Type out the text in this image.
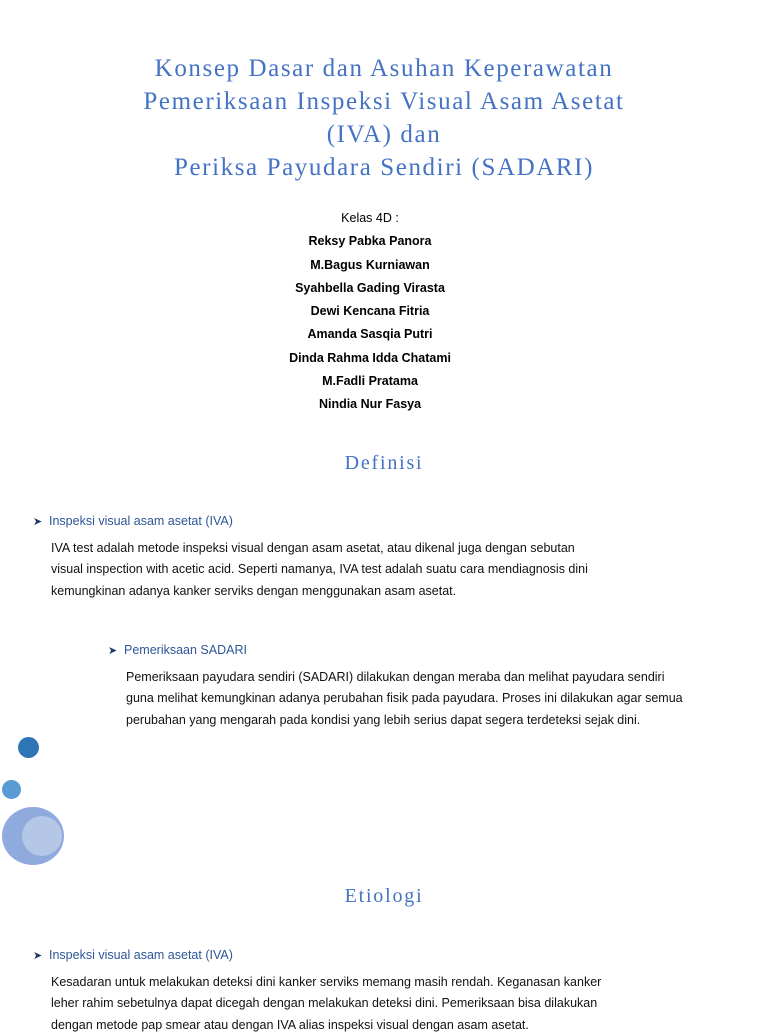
Konsep Dasar dan Asuhan Keperawatan
Pemeriksaan Inspeksi Visual Asam Asetat
(IVA) dan
Periksa Payudara Sendiri (SADARI)
Kelas 4D :
Reksy Pabka Panora
M.Bagus Kurniawan
Syahbella Gading Virasta
Dewi Kencana Fitria
Amanda Sasqia Putri
Dinda Rahma Idda Chatami
M.Fadli Pratama
Nindia Nur Fasya
Definisi
➤ Inspeksi visual asam asetat (IVA)
IVA test adalah metode inspeksi visual dengan asam asetat, atau dikenal juga dengan sebutan
visual inspection with acetic acid. Seperti namanya, IVA test adalah suatu cara mendiagnosis dini
kemungkinan adanya kanker serviks dengan menggunakan asam asetat.
➤ Pemeriksaan SADARI
Pemeriksaan payudara sendiri (SADARI) dilakukan dengan meraba dan melihat payudara sendiri
guna melihat kemungkinan adanya perubahan fisik pada payudara. Proses ini dilakukan agar semua
perubahan yang mengarah pada kondisi yang lebih serius dapat segera terdeteksi sejak dini.
Etiologi
➤ Inspeksi visual asam asetat (IVA)
Kesadaran untuk melakukan deteksi dini kanker serviks memang masih rendah. Keganasan kanker
leher rahim sebetulnya dapat dicegah dengan melakukan deteksi dini. Pemeriksaan bisa dilakukan
dengan metode pap smear atau dengan IVA alias inspeksi visual dengan asam asetat.
